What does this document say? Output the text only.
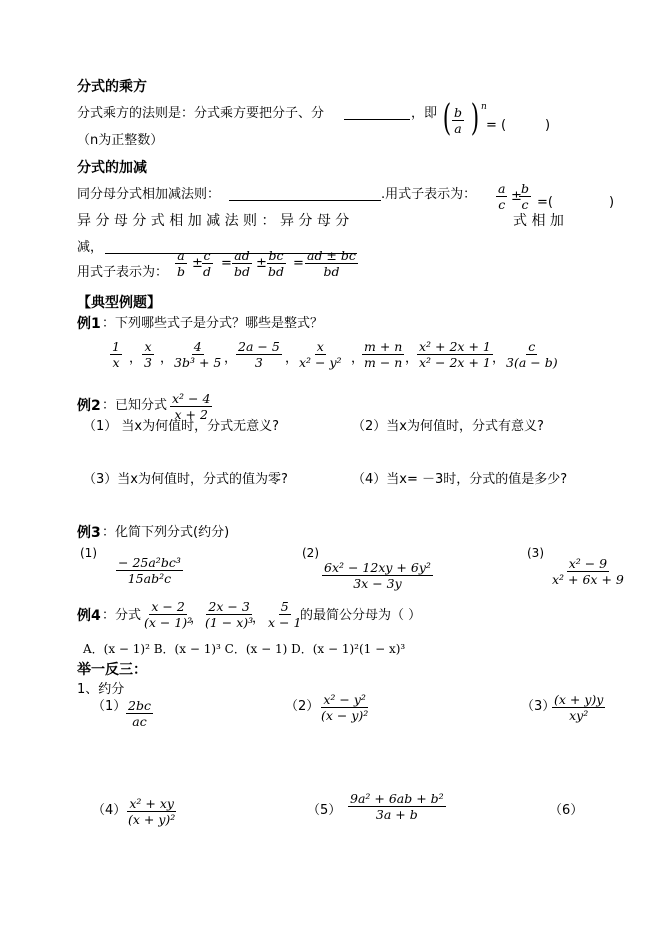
分式的乘方
分式乘方的法则是：分式乘方要把分子、分	，即 ( $\frac{b}{a}$ ) n
= (	)
（n为正整数）
分式的加减
同分母分式相加减法则：	.用式子表示为： $\frac{a}{c}$ ±
$\frac{b}{c}$ =(	)
异 分 母 分 式 相 加 减 法 则 ： 异 分 母 分	式 相 加
减，
用式子表示为： $\frac{a}{b}$ ±
$\frac{c}{d} = \frac{ad}{bd} \pm \frac{bc}{bd} = \frac{ad \pm bc}{bd}$
【典型例题】
例1 ：下列哪些式子是分式？哪些是整式？
$\frac{1}{x}$ ， $\frac{x}{3}$ ，
$\frac{4}{\text{3b³ + 5}}$ ，
$\frac{2a - 5}{3}$ ，
$\frac{x}{\text{x² − y²}}$ ，
$\frac{m + n}{m - n}$ ，
$\frac{\text{x² + 2x + 1}}{\text{x² − 2x + 1}}$ ，
$\frac{c}{3(a - b)}$
例2 ：已知分式 $\frac{\text{x² − 4}}{x + 2}$
（1） 当x为何值时，分式无意义?	（2）当x为何值时，分式有意义?
（3）当x为何值时，分式的值为零?	（4）当x= －3时，分式的值是多少?
例3 ：化简下列分式(约分)
(1)
$\frac{\text{− 25a²bc³}}{\text{15ab²c}}$
(2)
$\frac{\text{6x² − 12xy + 6y²}}{3x - 3y}$
(3)
$\frac{\text{x² − 9}}{\text{x² + 6x + 9}}$
例4 ：分式 $\frac{x - 2}{\text{(x − 1)²}}$
， $\frac{2x - 3}{\text{(1 − x)³}}$
， $\frac{5}{x - 1}$
的最简公分母为（ ）
A．(x − 1)² B．(x − 1)³ C．(x − 1) D．(x − 1)²(1 − x)³
举一反三：
1、约分
$(1) \frac{2bc}{ac}$	$(2) \frac{\text{x² − y²}}{\text{(x − y)²}}$	（3）
$\frac{(x + y)y}{\text{xy²}}$
$(4) \frac{\text{x² + xy}}{\text{(x + y)²}}$	$(5) \frac{\text{9a² + 6ab + b²}}{3a + b}$	（6）
